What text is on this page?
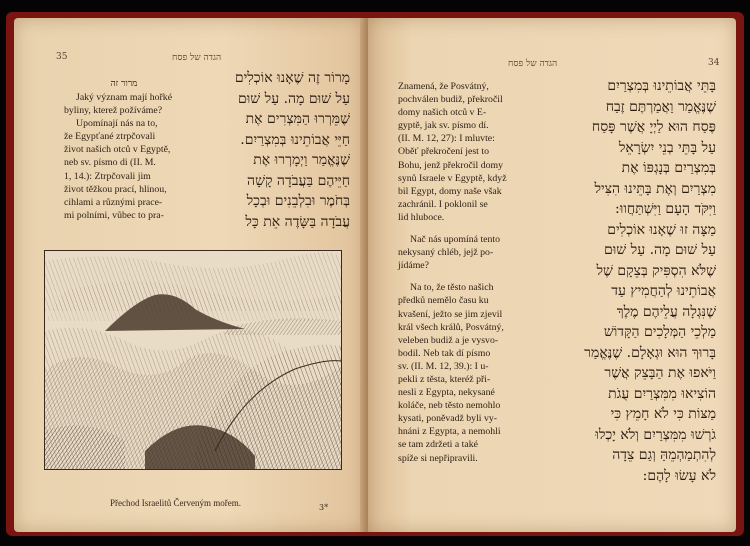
35	הגדה של פסח
מָרוֹר זֶה שֶׁאָנוּ אוֹכְלִים
עַל שׁוּם מָה. עַל שׁוּם
שֶׁמֵּרְרוּ הַמִּצְרִים אֶת
חַיֵּי אֲבוֹתֵינוּ בְּמִצְרַיִם.
שֶׁנֶּאֱמַר וַיְמָרְרוּ אֶת
חַיֵּיהֶם בַּעֲבֹדָה קָשָׁה
בְּחֹמֶר וּבִלְבֵנִים וּבְכָל
עֲבֹדָה בַּשָּׂדֶה אֵת כָּל
מרור זה
Jaký význam mají hořké
byliny, kterež požíváme?
Upomínají nás na to,
že Egypťané ztrpčovali
život našich otců v Egyptě,
neb sv. písmo di (II. M.
1, 14.): Ztrpčovali jim
život těžkou prací, hlinou,
cihlami a různými prace-
mi polními, vůbec to pra-
Přechod Israelitů Červeným mořem.	3*
הגדה של פסח	34
Znamená, že Posvátný,
pochválen budiž, překročil
domy našich otců v E-
gyptě, jak sv. písmo dí.
(II. M. 12, 27): I mluvte:
Oběť překročení jest to
Bohu, jenž překročil domy
synů Israele v Egyptě, když
bil Egypt, domy naše však
zachránil. I poklonil se
lid hluboce.
Nač nás upomíná tento
nekysaný chléb, jejž po-
jídáme?
Na to, že těsto našich
předků nemělo času ku
kvašení, ježto se jim zjevil
král všech králů, Posvátný,
veleben budiž a je vysvo-
bodil. Neb tak dí písmo
sv. (II. M. 12, 39.): I u-
pekli z těsta, kteréž při-
nesli z Egypta, nekysané
koláče, neb těsto nemohlo
kysati, poněvadž byli vy-
hnáni z Egypta, a nemohli
se tam zdržeti a také
spíže si nepřipravili.
בָּתֵּי אֲבוֹתֵינוּ בְּמִצְרַיִם
שֶׁנֶּאֱמַר וַאֲמַרְתֶּם זֶבַח
פֶּסַח הוּא לַיְיָ אֲשֶׁר פָּסַח
עַל בָּתֵּי בְנֵי יִשְׂרָאֵל
בְּמִצְרַיִם בְּנָגְפּוֹ אֶת
מִצְרַיִם וְאֶת בָּתֵּינוּ הִצִּיל
וַיִּקֹּד הָעָם וַיִּשְׁתַּחֲווּ:
מַצָּה זוּ שֶׁאָנוּ אוֹכְלִים
עַל שׁוּם מָה. עַל שׁוּם
שֶׁלֹּא הִסְפִּיק בְּצֵקָם שֶׁל
אֲבוֹתֵינוּ לְהַחֲמִיץ עַד
שֶׁנִּגְלָה עֲלֵיהֶם מֶלֶךְ
מַלְכֵי הַמְּלָכִים הַקָּדוֹשׁ
בָּרוּךְ הוּא וּגְאָלָם. שֶׁנֶּאֱמַר
וַיֹּאפוּ אֶת הַבָּצֵק אֲשֶׁר
הוֹצִיאוּ מִמִּצְרַיִם עֻגֹת
מַצּוֹת כִּי לֹא חָמֵץ כִּי
גֹרְשׁוּ מִמִּצְרַיִם וְלֹא יָכְלוּ
לְהִתְמַהְמֵהַּ וְגַם צֵדָה
לֹא עָשׂוּ לָהֶם:
